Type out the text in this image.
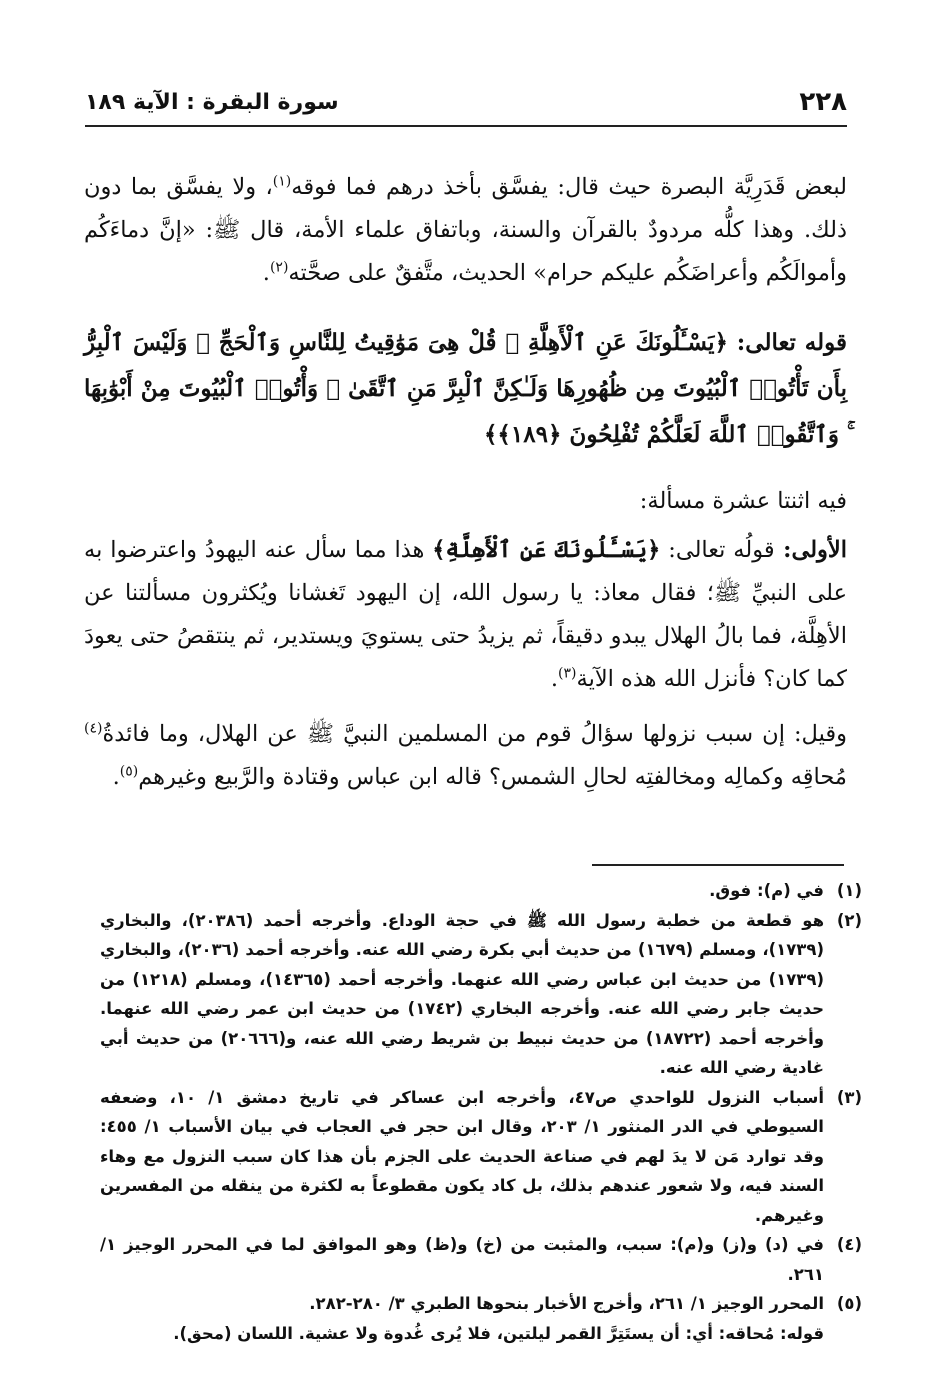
٢٢٨
سورة البقرة : الآية ١٨٩
لبعض قَدَرِيَّة البصرة حيث قال: يفسَّق بأخذ درهم فما فوقه$^{(١)}$، ولا يفسَّق بما دون ذلك. وهذا كلُّه مردودٌ بالقرآن والسنة، وباتفاق علماء الأمة، قال ﷺ: «إنَّ دماءَكُم وأموالَكُم وأعراضَكُم عليكم حرام» الحديث، متَّفقٌ على صحَّته$^{(٢)}$.
قوله تعالى: ﴿يَسْـَٔلُونَكَ عَنِ ٱلْأَهِلَّةِ ۖ قُلْ هِىَ مَوَٰقِيتُ لِلنَّاسِ وَٱلْحَجِّ ۗ وَلَيْسَ ٱلْبِرُّ بِأَن تَأْتُوا۟ ٱلْبُيُوتَ مِن ظُهُورِهَا وَلَـٰكِنَّ ٱلْبِرَّ مَنِ ٱتَّقَىٰ ۗ وَأْتُوا۟ ٱلْبُيُوتَ مِنْ أَبْوَٰبِهَا ۚ وَٱتَّقُوا۟ ٱللَّهَ لَعَلَّكُمْ تُفْلِحُونَ ﴿١٨٩﴾﴾
فيه اثنتا عشرة مسألة:
الأولى: قولُه تعالى: ﴿يَسْـَٔلُونَكَ عَنِ ٱلْأَهِلَّةِ﴾ هذا مما سأل عنه اليهودُ واعترضوا به على النبيِّ ﷺ؛ فقال معاذ: يا رسول الله، إن اليهود تَغشانا ويُكثرون مسألتنا عن الأهِلَّة، فما بالُ الهلال يبدو دقيقاً، ثم يزيدُ حتى يستويَ ويستدير، ثم ينتقصُ حتى يعودَ كما كان؟ فأنزل الله هذه الآية$^{(٣)}$.
وقيل: إن سبب نزولها سؤالُ قوم من المسلمين النبيَّ ﷺ عن الهلال، وما فائدةُ$^{(٤)}$ مُحاقِه وكمالِه ومخالفتِه لحالِ الشمس؟ قاله ابن عباس وقتادة والرَّبيع وغيرهم$^{(٥)}$.
(١)
في (م): فوق.
(٢)
هو قطعة من خطبة رسول الله ﷺ في حجة الوداع. وأخرجه أحمد (٢٠٣٨٦)، والبخاري (١٧٣٩)، ومسلم (١٦٧٩) من حديث أبي بكرة رضي الله عنه. وأخرجه أحمد (٢٠٣٦)، والبخاري (١٧٣٩) من حديث ابن عباس رضي الله عنهما. وأخرجه أحمد (١٤٣٦٥)، ومسلم (١٢١٨) من حديث جابر رضي الله عنه. وأخرجه البخاري (١٧٤٢) من حديث ابن عمر رضي الله عنهما. وأخرجه أحمد (١٨٧٢٢) من حديث نبيط بن شريط رضي الله عنه، و(٢٠٦٦٦) من حديث أبي غادية رضي الله عنه.
(٣)
أسباب النزول للواحدي ص٤٧، وأخرجه ابن عساكر في تاريخ دمشق ١/ ١٠، وضعفه السيوطي في الدر المنثور ١/ ٢٠٣، وقال ابن حجر في العجاب في بيان الأسباب ١/ ٤٥٥: وقد توارد مَن لا يدَ لهم في صناعة الحديث على الجزم بأن هذا كان سبب النزول مع وهاء السند فيه، ولا شعور عندهم بذلك، بل كاد يكون مقطوعاً به لكثرة من ينقله من المفسرين وغيرهم.
(٤)
في (د) و(ز) و(م): سبب، والمثبت من (خ) و(ظ) وهو الموافق لما في المحرر الوجيز ١/ ٢٦١.
(٥)
المحرر الوجيز ١/ ٢٦١، وأخرج الأخبار بنحوها الطبري ٣/ ٢٨٠-٢٨٢.
قوله: مُحاقه: أي: أن يستَتِرَّ القمر ليلتين، فلا يُرى غُدوة ولا عشية. اللسان (محق).
